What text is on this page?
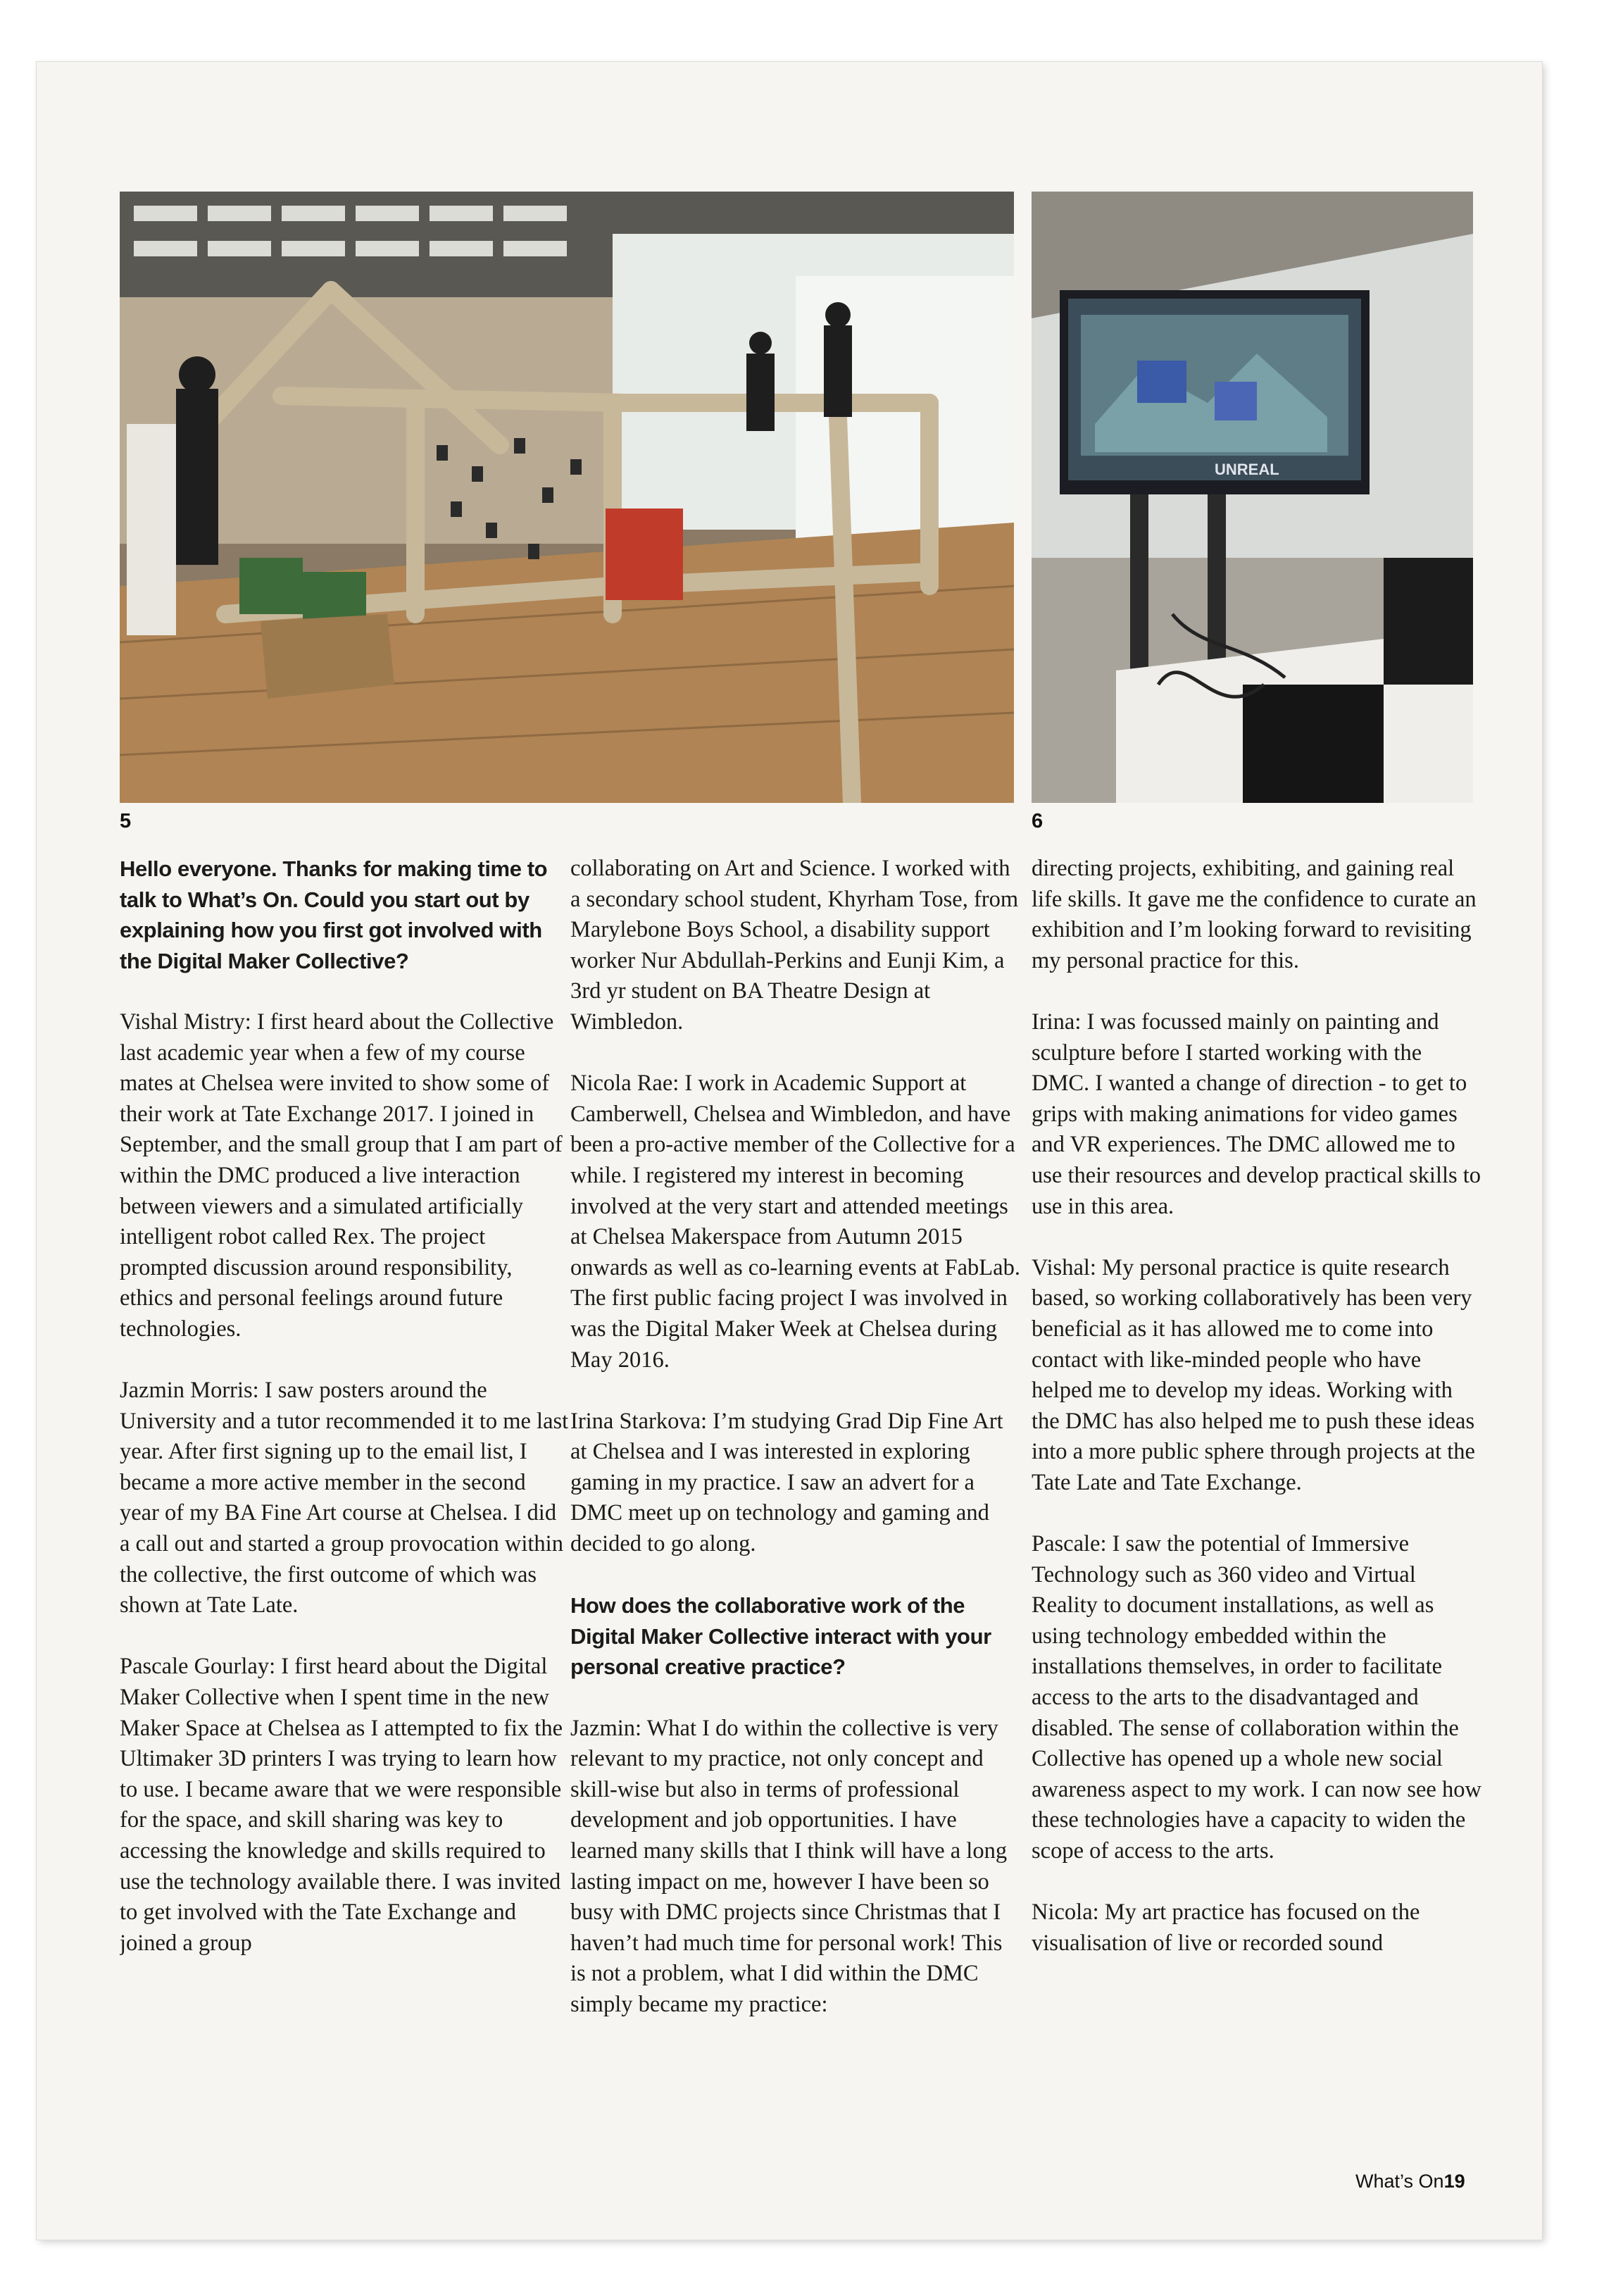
UNREAL
5	6

Hello everyone. Thanks for making time to talk to What’s On. Could you start out by explaining how you first got involved with the Digital Maker Collective?

Vishal Mistry: I first heard about the Collective last academic year when a few of my course mates at Chelsea were invited to show some of their work at Tate Exchange 2017. I joined in September, and the small group that I am part of within the DMC produced a live interaction between viewers and a simulated artificially intelligent robot called Rex. The project prompted discussion around responsibility, ethics and personal feelings around future technologies.

Jazmin Morris: I saw posters around the University and a tutor recommended it to me last year. After first signing up to the email list, I became a more active member in the second year of my BA Fine Art course at Chelsea. I did a call out and started a group provocation within the collective, the first outcome of which was shown at Tate Late.

Pascale Gourlay: I first heard about the Digital Maker Collective when I spent time in the new Maker Space at Chelsea as I attempted to fix the Ultimaker 3D printers I was trying to learn how to use. I became aware that we were responsible for the space, and skill sharing was key to accessing the knowledge and skills required to use the technology available there. I was invited to get involved with the Tate Exchange and joined a group

collaborating on Art and Science. I worked with a secondary school student, Khyrham Tose, from Marylebone Boys School, a disability support worker Nur Abdullah-Perkins and Eunji Kim, a 3rd yr student on BA Theatre Design at Wimbledon.

Nicola Rae: I work in Academic Support at Camberwell, Chelsea and Wimbledon, and have been a pro-active member of the Collective for a while. I registered my interest in becoming involved at the very start and attended meetings at Chelsea Makerspace from Autumn 2015 onwards as well as co-learning events at FabLab. The first public facing project I was involved in was the Digital Maker Week at Chelsea during May 2016.

Irina Starkova: I’m studying Grad Dip Fine Art at Chelsea and I was interested in exploring gaming in my practice. I saw an advert for a DMC meet up on technology and gaming and decided to go along.

How does the collaborative work of the Digital Maker Collective interact with your personal creative practice?

Jazmin: What I do within the collective is very relevant to my practice, not only concept and skill-wise but also in terms of professional development and job opportunities. I have learned many skills that I think will have a long lasting impact on me, however I have been so busy with DMC projects since Christmas that I haven’t had much time for personal work! This is not a problem, what I did within the DMC simply became my practice:

directing projects, exhibiting, and gaining real life skills. It gave me the confidence to curate an exhibition and I’m looking forward to revisiting my personal practice for this.

Irina: I was focussed mainly on painting and sculpture before I started working with the DMC. I wanted a change of direction - to get to grips with making animations for video games and VR experiences. The DMC allowed me to use their resources and develop practical skills to use in this area.

Vishal: My personal practice is quite research based, so working collaboratively has been very beneficial as it has allowed me to come into contact with like-minded people who have helped me to develop my ideas. Working with the DMC has also helped me to push these ideas into a more public sphere through projects at the Tate Late and Tate Exchange.

Pascale: I saw the potential of Immersive Technology such as 360 video and Virtual Reality to document installations, as well as using technology embedded within the installations themselves, in order to facilitate access to the arts to the disadvantaged and disabled. The sense of collaboration within the Collective has opened up a whole new social awareness aspect to my work. I can now see how these technologies have a capacity to widen the scope of access to the arts.

Nicola: My art practice has focused on the visualisation of live or recorded sound

What’s On19
